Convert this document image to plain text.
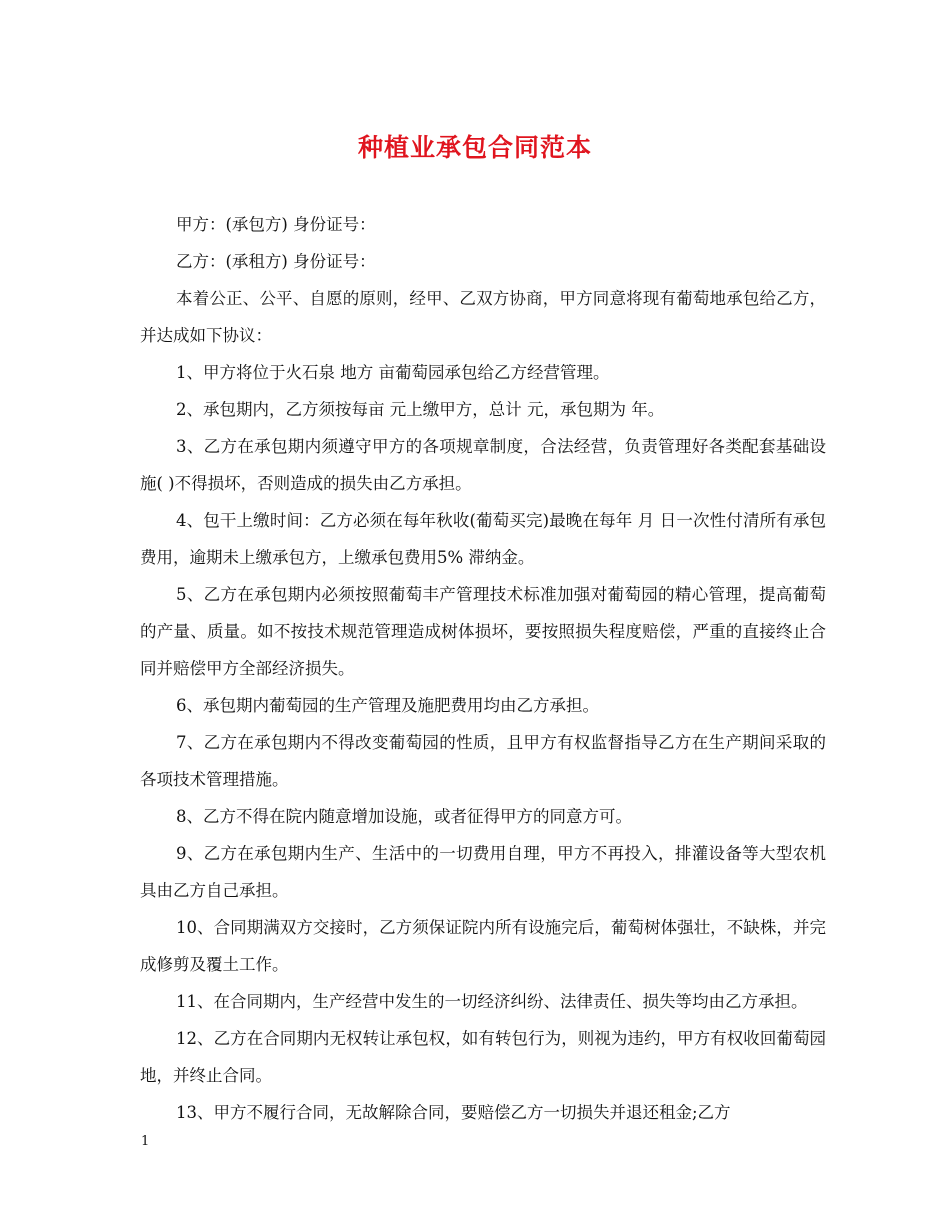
种植业承包合同范本

甲方：(承包方) 身份证号：

乙方：(承租方) 身份证号：

本着公正、公平、自愿的原则，经甲、乙双方协商，甲方同意将现有葡萄地承包给乙方，并达成如下协议：

1、甲方将位于火石泉 地方 亩葡萄园承包给乙方经营管理。

2、承包期内，乙方须按每亩 元上缴甲方，总计 元，承包期为 年。

3、乙方在承包期内须遵守甲方的各项规章制度，合法经营，负责管理好各类配套基础设施( )不得损坏，否则造成的损失由乙方承担。

4、包干上缴时间：乙方必须在每年秋收(葡萄买完)最晚在每年 月 日一次性付清所有承包费用，逾期未上缴承包方，上缴承包费用5% 滞纳金。

5、乙方在承包期内必须按照葡萄丰产管理技术标准加强对葡萄园的精心管理，提高葡萄的产量、质量。如不按技术规范管理造成树体损坏，要按照损失程度赔偿，严重的直接终止合同并赔偿甲方全部经济损失。

6、承包期内葡萄园的生产管理及施肥费用均由乙方承担。

7、乙方在承包期内不得改变葡萄园的性质，且甲方有权监督指导乙方在生产期间采取的各项技术管理措施。

8、乙方不得在院内随意增加设施，或者征得甲方的同意方可。

9、乙方在承包期内生产、生活中的一切费用自理，甲方不再投入，排灌设备等大型农机具由乙方自己承担。

10、合同期满双方交接时，乙方须保证院内所有设施完后，葡萄树体强壮，不缺株，并完成修剪及覆土工作。

11、在合同期内，生产经营中发生的一切经济纠纷、法律责任、损失等均由乙方承担。

12、乙方在合同期内无权转让承包权，如有转包行为，则视为违约，甲方有权收回葡萄园地，并终止合同。

13、甲方不履行合同，无故解除合同，要赔偿乙方一切损失并退还租金;乙方

1
